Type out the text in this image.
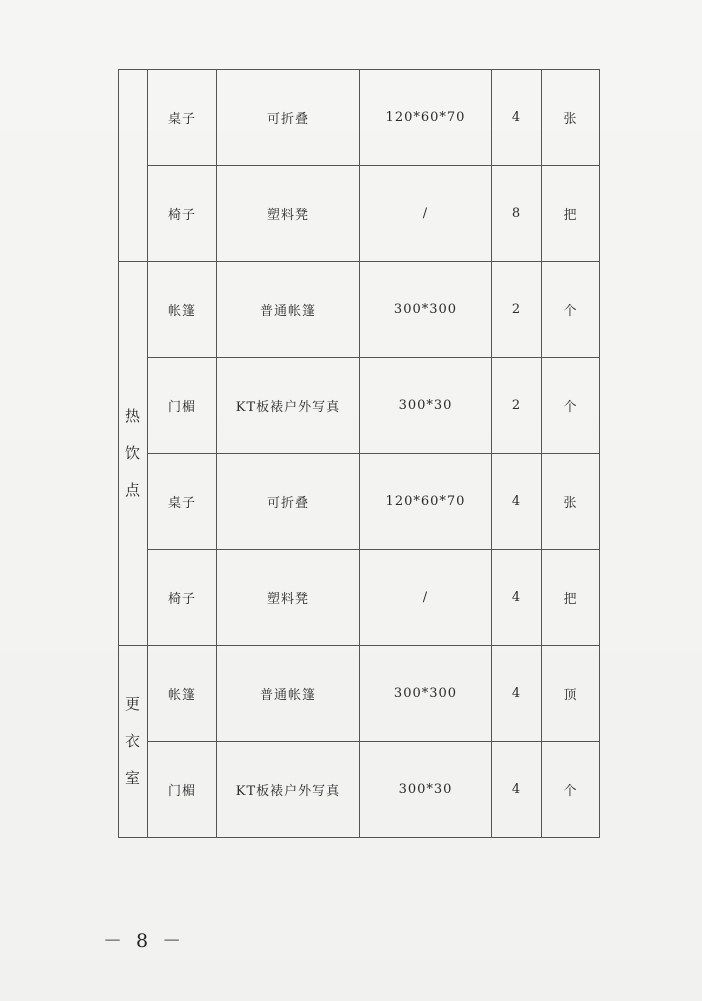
	桌子	可折叠	120*60*70	4	张
	椅子	塑料凳	/	8	把
热饮点	帐篷	普通帐篷	300*300	2	个
	门楣	KT板裱户外写真	300*30	2	个
	桌子	可折叠	120*60*70	4	张
	椅子	塑料凳	/	4	把
更衣室	帐篷	普通帐篷	300*300	4	顶
	门楣	KT板裱户外写真	300*30	4	个
－ 8 －
